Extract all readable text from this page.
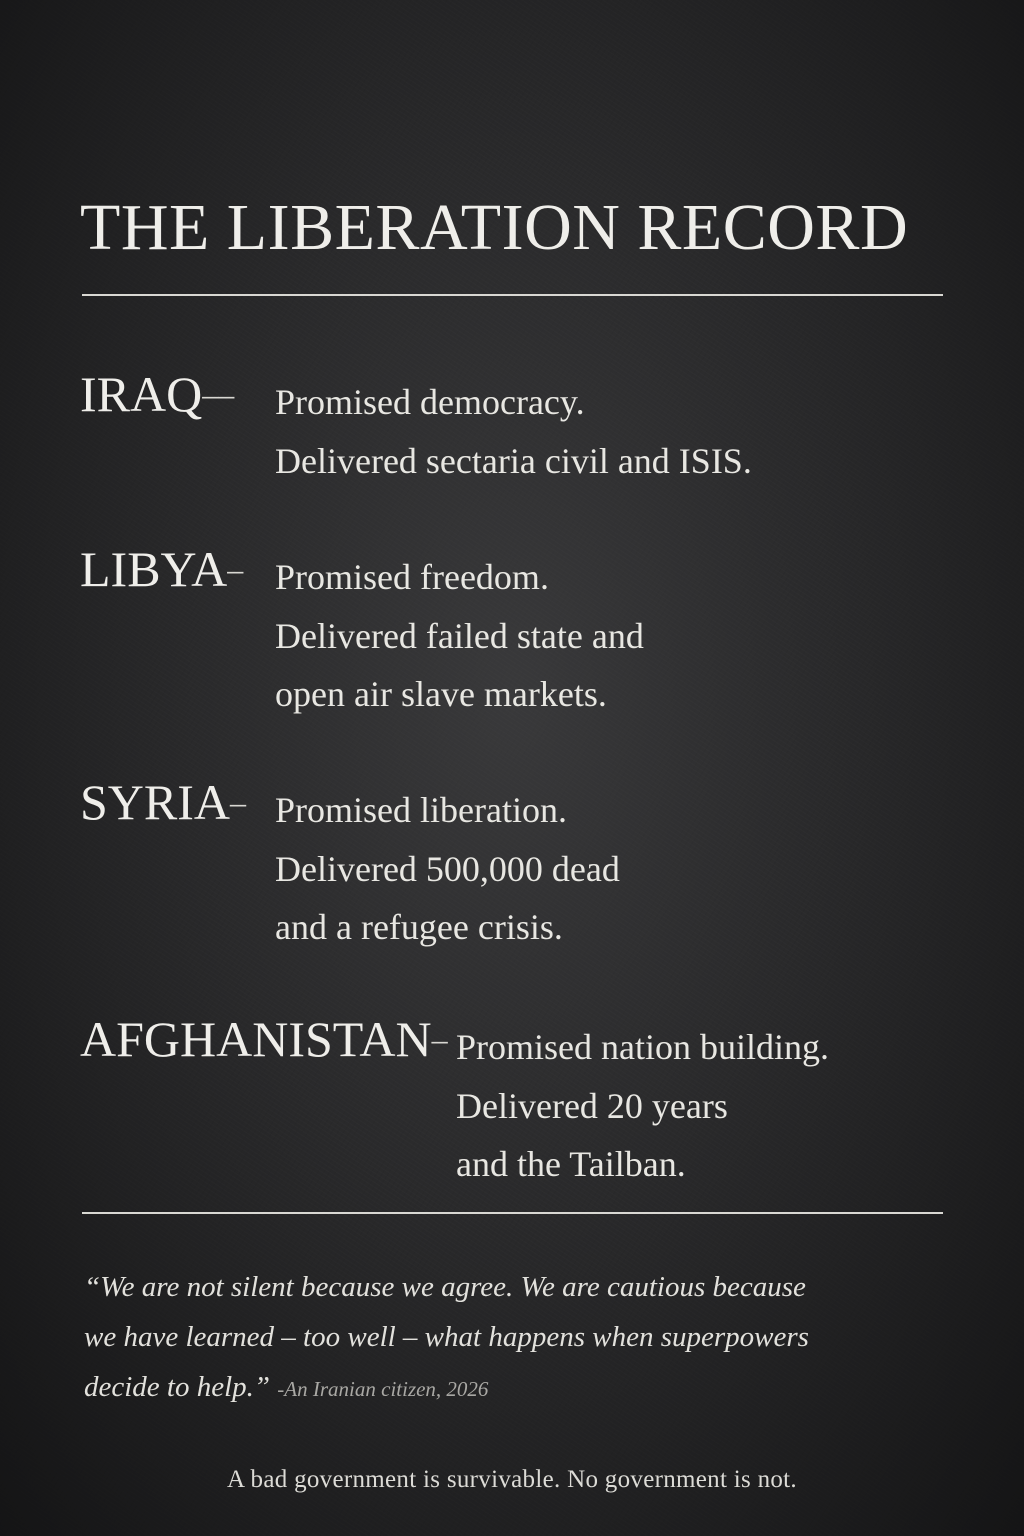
THE LIBERATION RECORD
IRAQ –– Promised democracy.
Delivered sectaria civil and ISIS.
LIBYA – Promised freedom.
Delivered failed state and
open air slave markets.
SYRIA – Promised liberation.
Delivered 500,000 dead
and a refugee crisis.
AFGHANISTAN – Promised nation building.
Delivered 20 years
and the Tailban.
“We are not silent because we agree. We are cautious because
we have learned – too well – what happens when superpowers
decide to help.” -An Iranian citizen, 2026
A bad government is survivable. No government is not.
